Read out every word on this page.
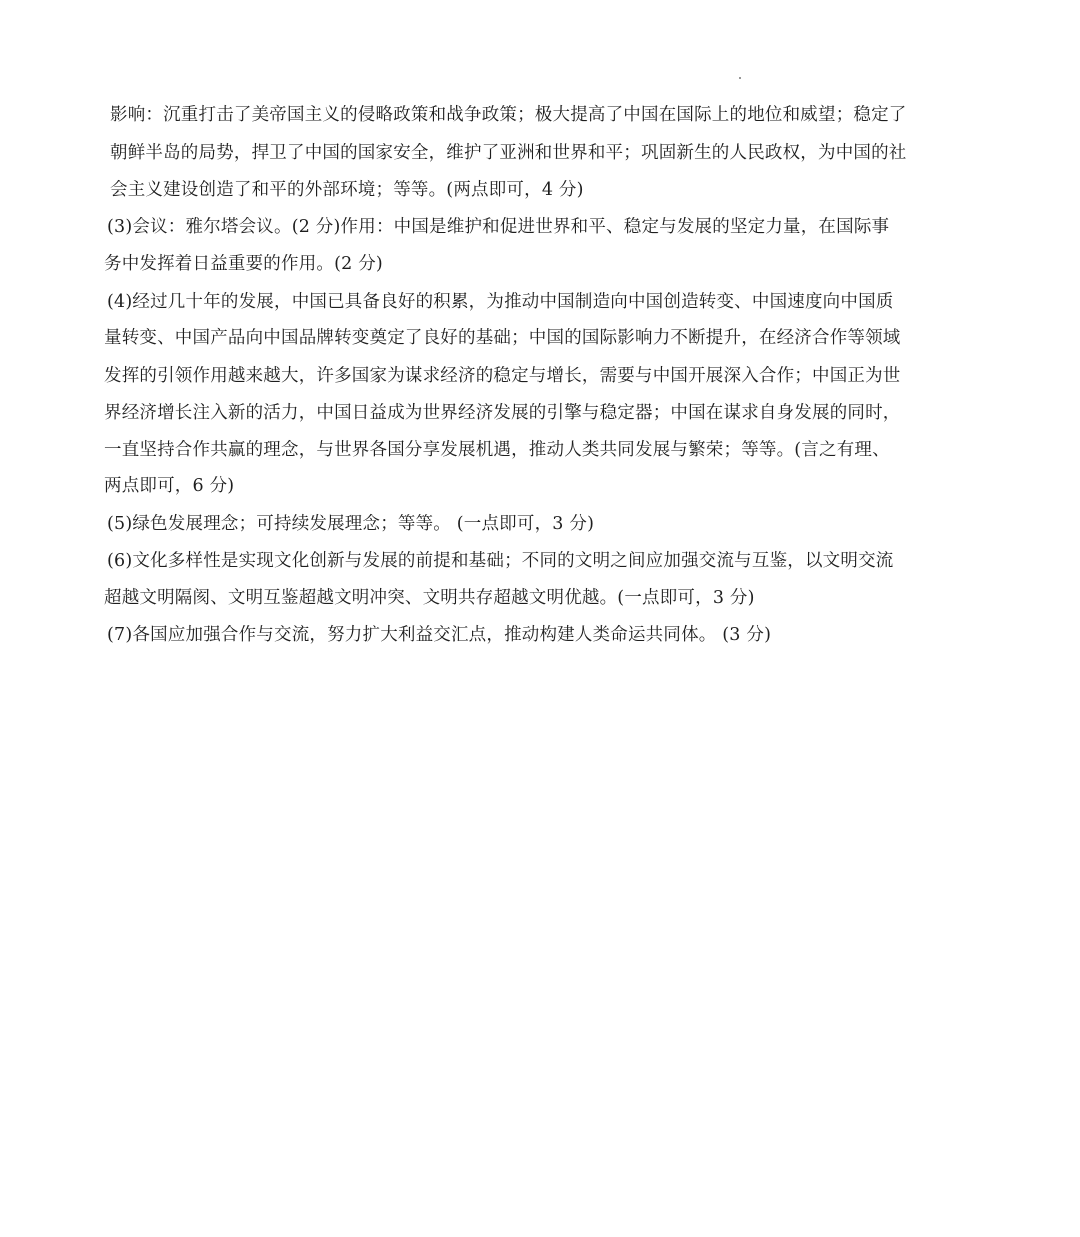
影响：沉重打击了美帝国主义的侵略政策和战争政策；极大提高了中国在国际上的地位和威望；稳定了
朝鲜半岛的局势，捍卫了中国的国家安全，维护了亚洲和世界和平；巩固新生的人民政权，为中国的社
会主义建设创造了和平的外部环境；等等。(两点即可，4 分)
(3)会议：雅尔塔会议。(2 分)作用：中国是维护和促进世界和平、稳定与发展的坚定力量，在国际事
务中发挥着日益重要的作用。(2 分)
(4)经过几十年的发展，中国已具备良好的积累，为推动中国制造向中国创造转变、中国速度向中国质
量转变、中国产品向中国品牌转变奠定了良好的基础；中国的国际影响力不断提升，在经济合作等领域
发挥的引领作用越来越大，许多国家为谋求经济的稳定与增长，需要与中国开展深入合作；中国正为世
界经济增长注入新的活力，中国日益成为世界经济发展的引擎与稳定器；中国在谋求自身发展的同时，
一直坚持合作共赢的理念，与世界各国分享发展机遇，推动人类共同发展与繁荣；等等。(言之有理、
两点即可，6 分)
(5)绿色发展理念；可持续发展理念；等等。 (一点即可，3 分)
(6)文化多样性是实现文化创新与发展的前提和基础；不同的文明之间应加强交流与互鉴，以文明交流
超越文明隔阂、文明互鉴超越文明冲突、文明共存超越文明优越。(一点即可，3 分)
(7)各国应加强合作与交流，努力扩大利益交汇点，推动构建人类命运共同体。 (3 分)
